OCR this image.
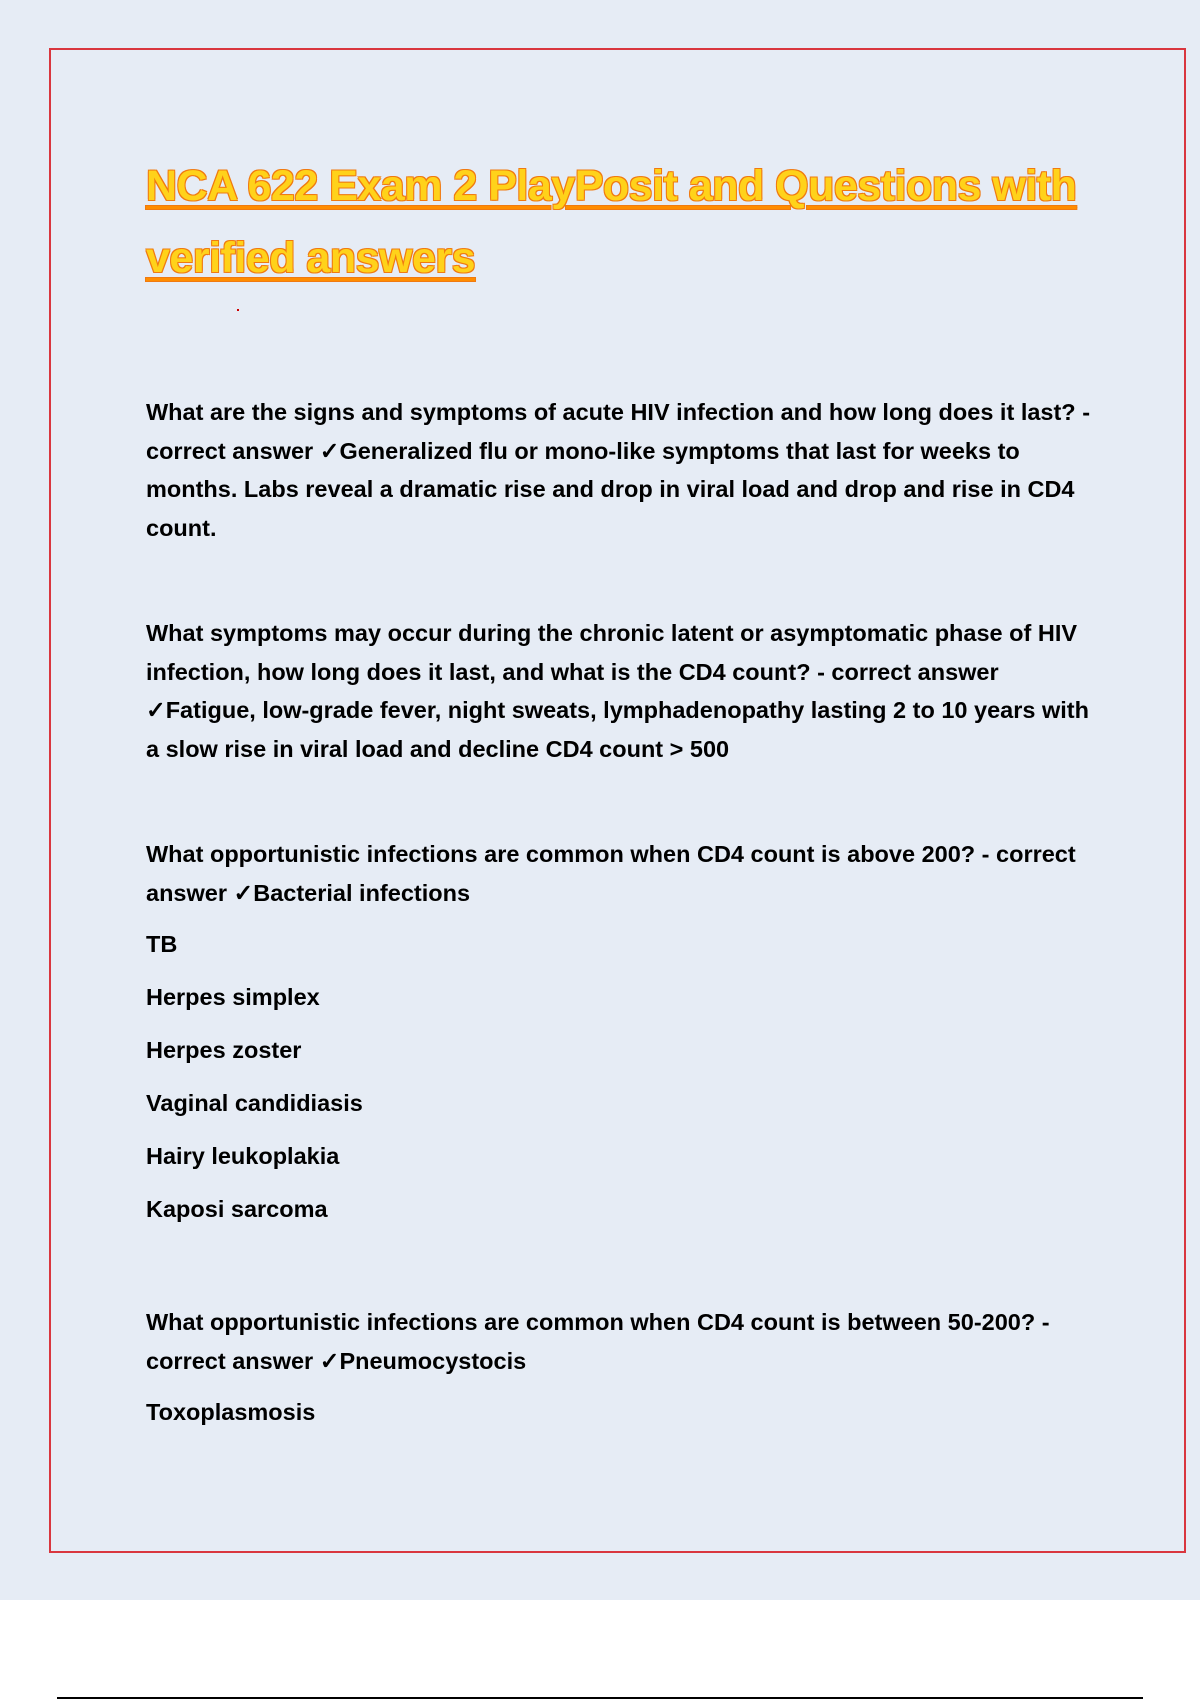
NCA 622 Exam 2 PlayPosit and Questions with verified answers

What are the signs and symptoms of acute HIV infection and how long does it last? - correct answer ✓Generalized flu or mono-like symptoms that last for weeks to months. Labs reveal a dramatic rise and drop in viral load and drop and rise in CD4 count.

What symptoms may occur during the chronic latent or asymptomatic phase of HIV infection, how long does it last, and what is the CD4 count? - correct answer ✓Fatigue, low-grade fever, night sweats, lymphadenopathy lasting 2 to 10 years with a slow rise in viral load and decline CD4 count > 500

What opportunistic infections are common when CD4 count is above 200? - correct answer ✓Bacterial infections

TB

Herpes simplex

Herpes zoster

Vaginal candidiasis

Hairy leukoplakia

Kaposi sarcoma

What opportunistic infections are common when CD4 count is between 50-200? - correct answer ✓Pneumocystocis

Toxoplasmosis
